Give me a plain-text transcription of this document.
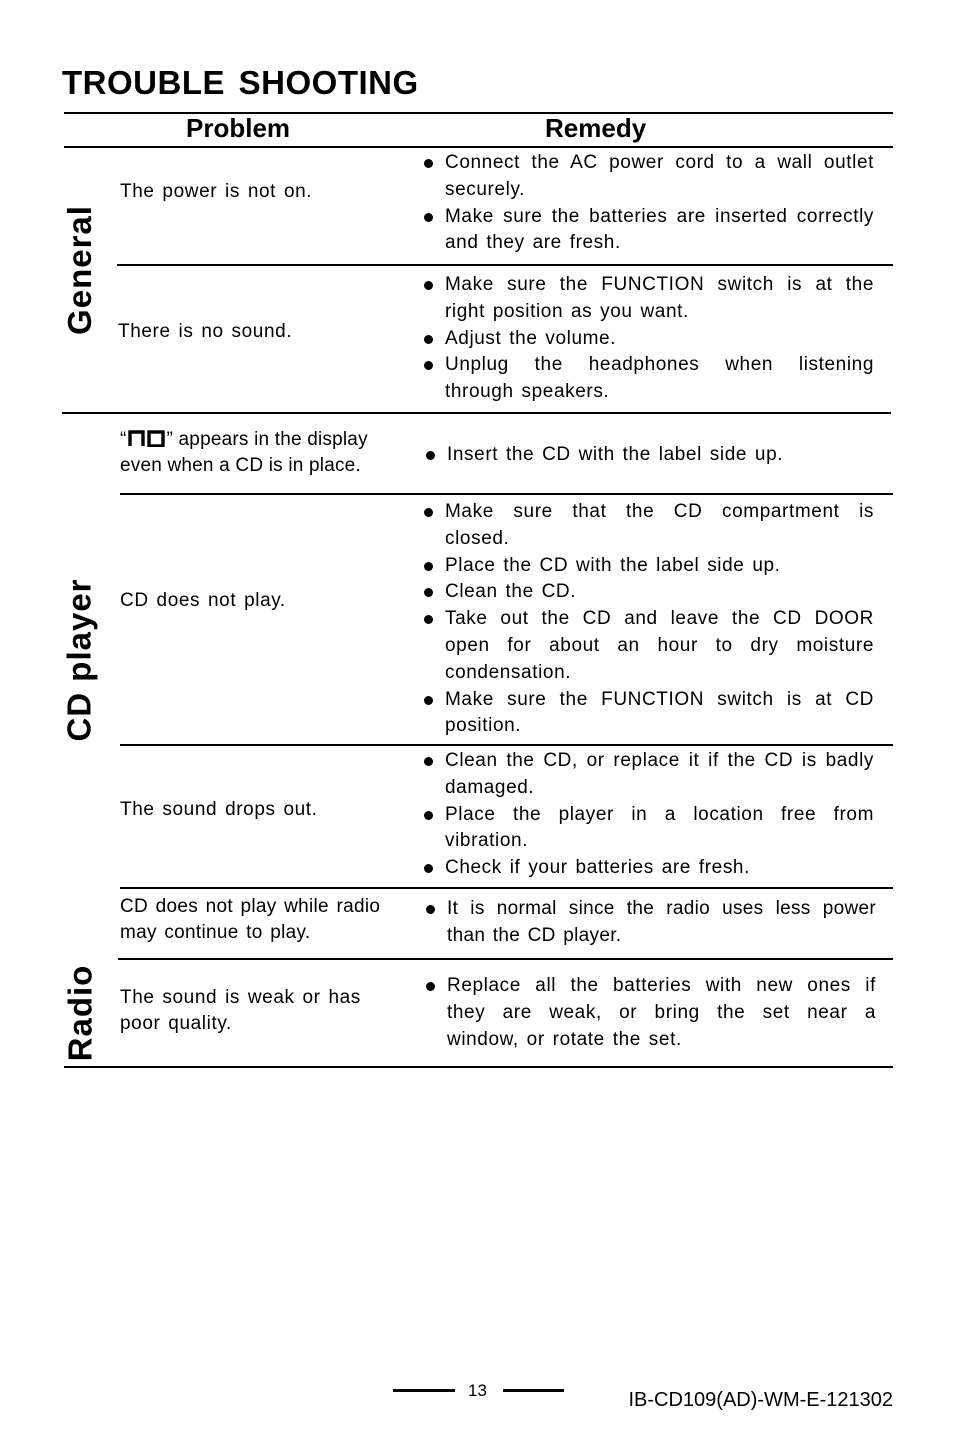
TROUBLE SHOOTING
Problem	Remedy
General
CD player
Radio
The power is not on.
Connect the AC power cord to a wall outlet securely.
Make sure the batteries are inserted correctly and they are fresh.
There is no sound.
Make sure the FUNCTION switch is at the right position as you want.
Adjust the volume.
Unplug the headphones when listening through speakers.
“ ” appears in the display
even when a CD is in place.
Insert the CD with the label side up.
CD does not play.
Make sure that the CD compartment is closed.
Place the CD with the label side up.
Clean the CD.
Take out the CD and leave the CD DOOR open for about an hour to dry moisture condensation.
Make sure the FUNCTION switch is at CD position.
The sound drops out.
Clean the CD, or replace it if the CD is badly damaged.
Place the player in a location free from vibration.
Check if your batteries are fresh.
CD does not play while radio
may continue to play.
It is normal since the radio uses less power than the CD player.
The sound is weak or has
poor quality.
Replace all the batteries with new ones if they are weak, or bring the set near a window, or rotate the set.
13	IB-CD109(AD)-WM-E-121302
